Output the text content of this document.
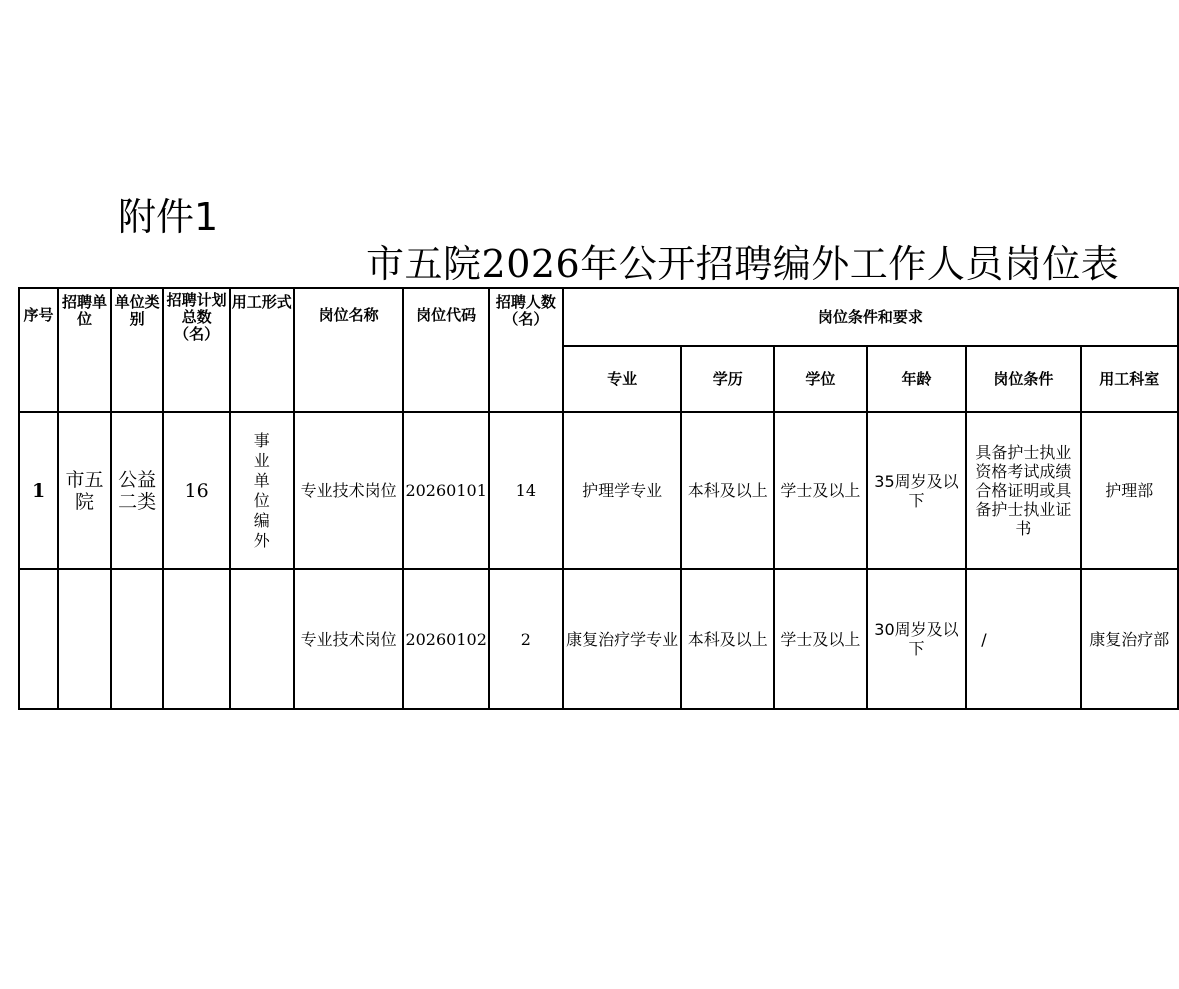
附件1
市五院2026年公开招聘编外工作人员岗位表
序号	招聘单位	单位类别	招聘计划总数（名）	用工形式	岗位名称	岗位代码	招聘人数（名）	岗位条件和要求					
								专业	学历	学位	年龄	岗位条件	用工科室
1	市五院	公益二类	16	事业单位编外	专业技术岗位	20260101	14	护理学专业	本科及以上	学士及以上	35周岁及以下	具备护士执业资格考试成绩合格证明或具备护士执业证书	护理部
					专业技术岗位	20260102	2	康复治疗学专业	本科及以上	学士及以上	30周岁及以下	/	康复治疗部
